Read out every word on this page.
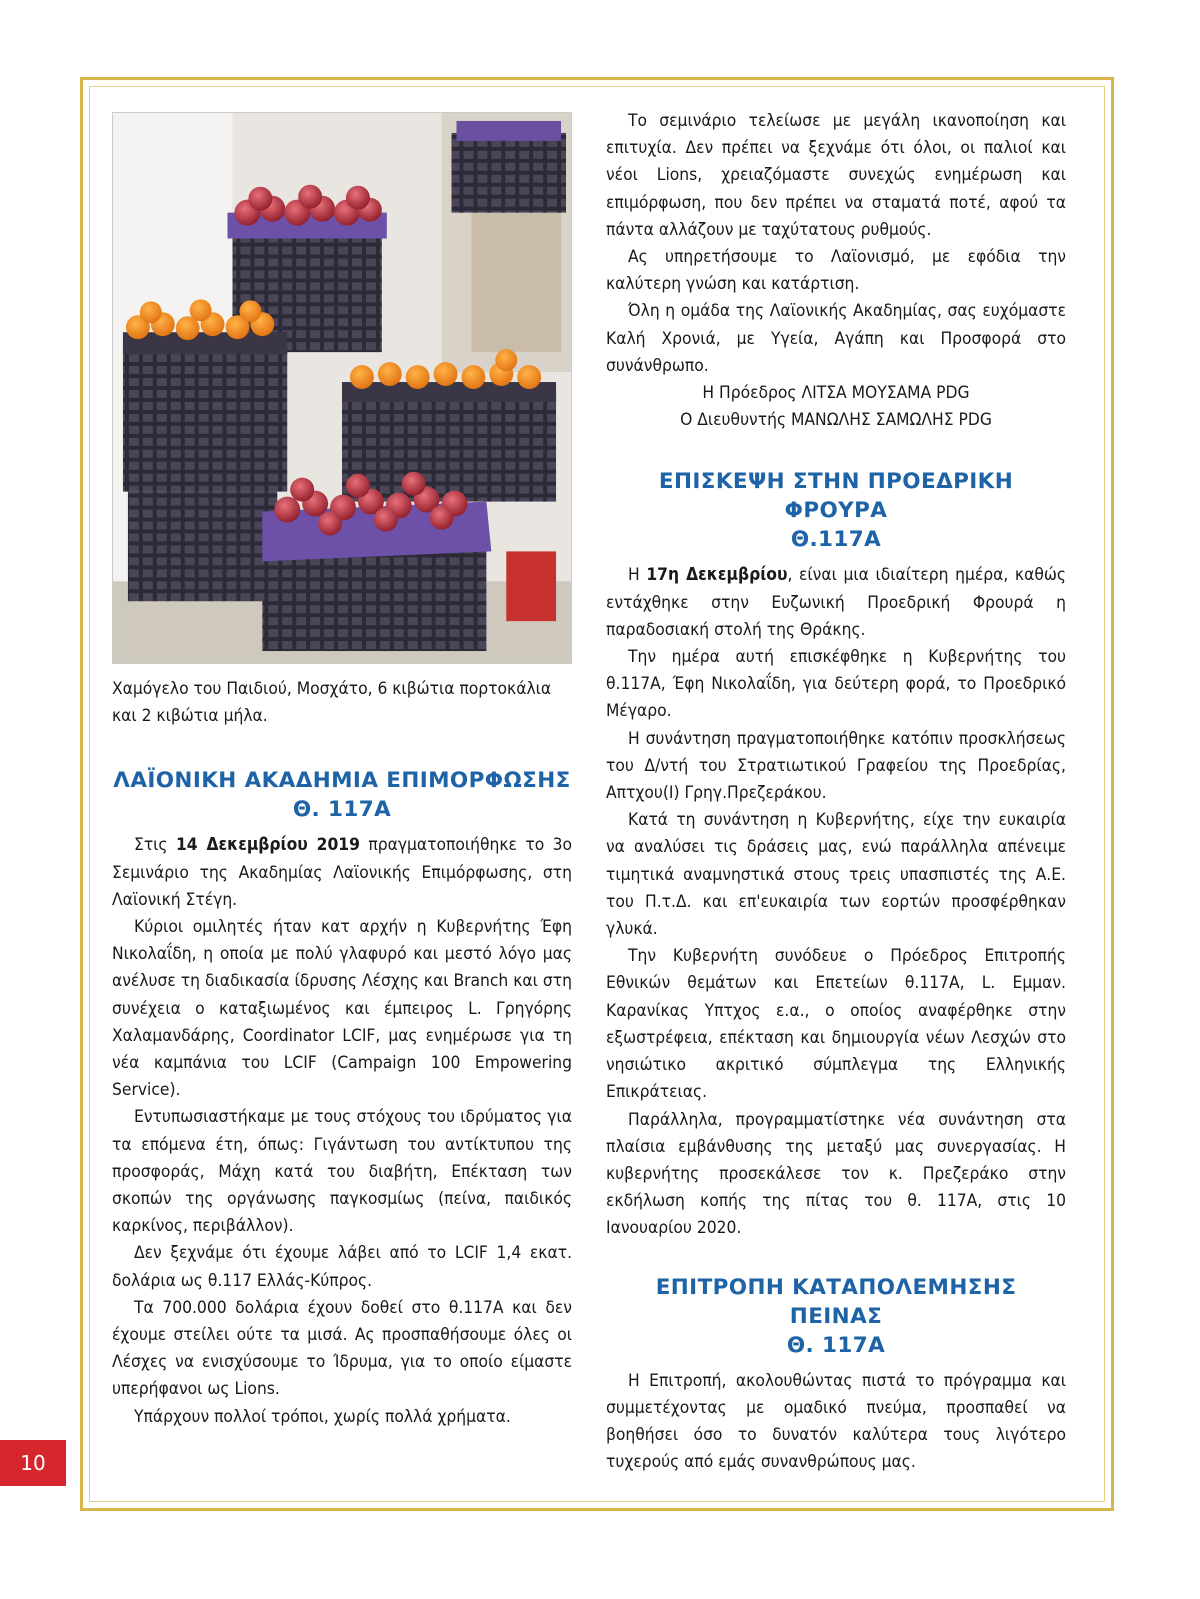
10

Χαμόγελο του Παιδιού, Μοσχάτο, 6 κιβώτια πορτοκάλια και 2 κιβώτια μήλα.

ΛΑΪΟΝΙΚΗ ΑΚΑΔΗΜΙΑ ΕΠΙΜΟΡΦΩΣΗΣ
Θ. 117Α

Στις 14 Δεκεμβρίου 2019 πραγματοποιήθηκε το 3ο Σεμινάριο της Ακαδημίας Λαϊονικής Επιμόρφωσης, στη Λαϊονική Στέγη.

Κύριοι ομιλητές ήταν κατ αρχήν η Κυβερνήτης Έφη Νικολαΐδη, η οποία με πολύ γλαφυρό και μεστό λόγο μας ανέλυσε τη διαδικασία ίδρυσης Λέσχης και Branch και στη συνέχεια ο καταξιωμένος και έμπειρος L. Γρηγόρης Χαλαμανδάρης, Coordinator LCIF, μας ενημέρωσε για τη νέα καμπάνια του LCIF (Campaign 100 Empowering Service).

Εντυπωσιαστήκαμε με τους στόχους του ιδρύματος για τα επόμενα έτη, όπως: Γιγάντωση του αντίκτυπου της προσφοράς, Μάχη κατά του διαβήτη, Επέκταση των σκοπών της οργάνωσης παγκοσμίως (πείνα, παιδικός καρκίνος, περιβάλλον).

Δεν ξεχνάμε ότι έχουμε λάβει από το LCIF 1,4 εκατ. δολάρια ως θ.117 Ελλάς-Κύπρος.

Τα 700.000 δολάρια έχουν δοθεί στο θ.117Α και δεν έχουμε στείλει ούτε τα μισά. Ας προσπαθήσουμε όλες οι Λέσχες να ενισχύσουμε το Ίδρυμα, για το οποίο είμαστε υπερήφανοι ως Lions.

Υπάρχουν πολλοί τρόποι, χωρίς πολλά χρήματα.

Το σεμινάριο τελείωσε με μεγάλη ικανοποίηση και επιτυχία. Δεν πρέπει να ξεχνάμε ότι όλοι, οι παλιοί και νέοι Lions, χρειαζόμαστε συνεχώς ενημέρωση και επιμόρφωση, που δεν πρέπει να σταματά ποτέ, αφού τα πάντα αλλάζουν με ταχύτατους ρυθμούς.

Ας υπηρετήσουμε το Λαϊονισμό, με εφόδια την καλύτερη γνώση και κατάρτιση.

Όλη η ομάδα της Λαϊονικής Ακαδημίας, σας ευχόμαστε Καλή Χρονιά, με Υγεία, Αγάπη και Προσφορά στο συνάνθρωπο.

Η Πρόεδρος ΛΙΤΣΑ ΜΟΥΣΑΜΑ PDG

Ο Διευθυντής ΜΑΝΩΛΗΣ ΣΑΜΩΛΗΣ PDG

ΕΠΙΣΚΕΨΗ ΣΤΗΝ ΠΡΟΕΔΡΙΚΗ ΦΡΟΥΡΑ
Θ.117Α

Η 17η Δεκεμβρίου, είναι μια ιδιαίτερη ημέρα, καθώς εντάχθηκε στην Ευζωνική Προεδρική Φρουρά η παραδοσιακή στολή της Θράκης.

Την ημέρα αυτή επισκέφθηκε η Κυβερνήτης του θ.117Α, Έφη Νικολαΐδη, για δεύτερη φορά, το Προεδρικό Μέγαρο.

Η συνάντηση πραγματοποιήθηκε κατόπιν προσκλήσεως του Δ/ντή του Στρατιωτικού Γραφείου της Προεδρίας, Απτχου(Ι) Γρηγ.Πρεζεράκου.

Κατά τη συνάντηση η Κυβερνήτης, είχε την ευκαιρία να αναλύσει τις δράσεις μας, ενώ παράλληλα απένειμε τιμητικά αναμνηστικά στους τρεις υπασπιστές της Α.Ε. του Π.τ.Δ. και επ'ευκαιρία των εορτών προσφέρθηκαν γλυκά.

Την Κυβερνήτη συνόδευε ο Πρόεδρος Επιτροπής Εθνικών θεμάτων και Επετείων θ.117Α, L. Εμμαν. Καρανίκας Υπτχος ε.α., ο οποίος αναφέρθηκε στην εξωστρέφεια, επέκταση και δημιουργία νέων Λεσχών στο νησιώτικο ακριτικό σύμπλεγμα της Ελληνικής Επικράτειας.

Παράλληλα, προγραμματίστηκε νέα συνάντηση στα πλαίσια εμβάνθυσης της μεταξύ μας συνεργασίας. Η κυβερνήτης προσεκάλεσε τον κ. Πρεζεράκο στην εκδήλωση κοπής της πίτας του θ. 117Α, στις 10 Ιανουαρίου 2020.

ΕΠΙΤΡΟΠΗ ΚΑΤΑΠΟΛΕΜΗΣΗΣ ΠΕΙΝΑΣ
Θ. 117Α

Η Επιτροπή, ακολουθώντας πιστά το πρόγραμμα και συμμετέχοντας με ομαδικό πνεύμα, προσπαθεί να βοηθήσει όσο το δυνατόν καλύτερα τους λιγότερο τυχερούς από εμάς συνανθρώπους μας.
